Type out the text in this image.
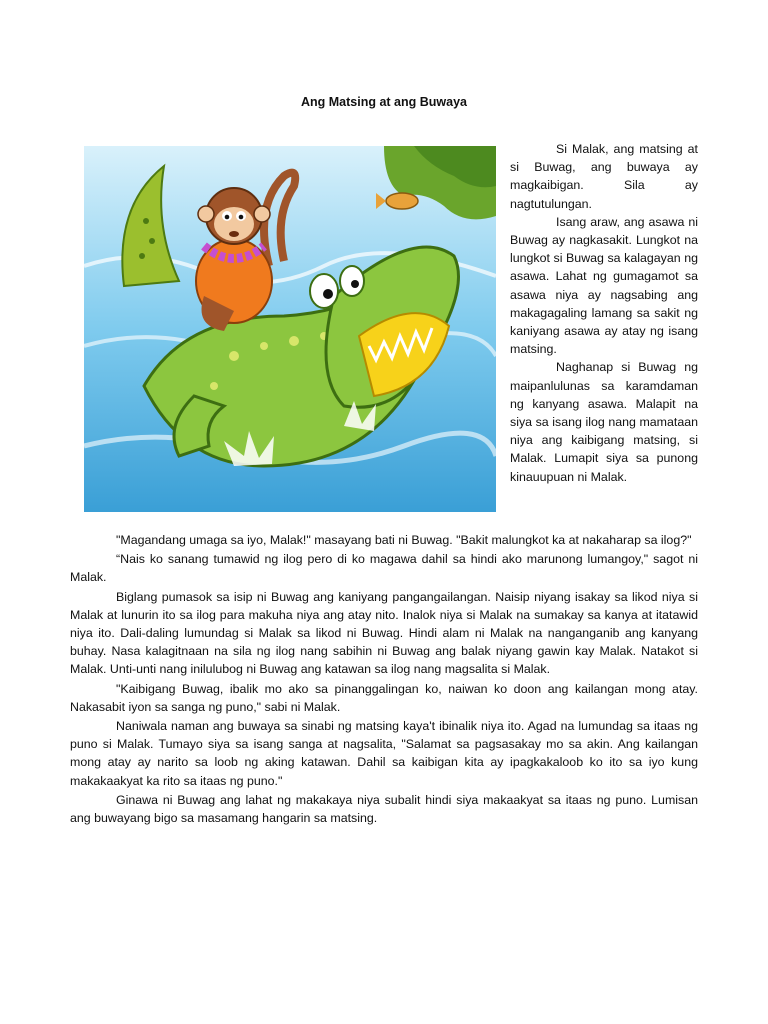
Ang Matsing at ang Buwaya

Si Malak, ang matsing at si Buwag, ang buwaya ay magkaibigan. Sila ay nagtutulungan.

Isang araw, ang asawa ni Buwag ay nagkasakit. Lungkot na lungkot si Buwag sa kalagayan ng asawa. Lahat ng gumagamot sa asawa niya ay nagsabing ang makagagaling lamang sa sakit ng kaniyang asawa ay atay ng isang matsing.

Naghanap si Buwag ng maipanlulunas sa karamdaman ng kanyang asawa. Malapit na siya sa isang ilog nang mamataan niya ang kaibigang matsing, si Malak. Lumapit siya sa punong kinauupuan ni Malak.

"Magandang umaga sa iyo, Malak!" masayang bati ni Buwag. "Bakit malungkot ka at nakaharap sa ilog?"

“Nais ko sanang tumawid ng ilog pero di ko magawa dahil sa hindi ako marunong lumangoy," sagot ni Malak.

Biglang pumasok sa isip ni Buwag ang kaniyang pangangailangan. Naisip niyang isakay sa likod niya si Malak at lunurin ito sa ilog para makuha niya ang atay nito. Inalok niya si Malak na sumakay sa kanya at itatawid niya ito. Dali-daling lumundag si Malak sa likod ni Buwag. Hindi alam ni Malak na nanganganib ang kanyang buhay. Nasa kalagitnaan na sila ng ilog nang sabihin ni Buwag ang balak niyang gawin kay Malak. Natakot si Malak. Unti-unti nang inilulubog ni Buwag ang katawan sa ilog nang magsalita si Malak.

"Kaibigang Buwag, ibalik mo ako sa pinanggalingan ko, naiwan ko doon ang kailangan mong atay. Nakasabit iyon sa sanga ng puno," sabi ni Malak.

Naniwala naman ang buwaya sa sinabi ng matsing kaya't ibinalik niya ito. Agad na lumundag sa itaas ng puno si Malak. Tumayo siya sa isang sanga at nagsalita, "Salamat sa pagsasakay mo sa akin. Ang kailangan mong atay ay narito sa loob ng aking katawan. Dahil sa kaibigan kita ay ipagkakaloob ko ito sa iyo kung makakaakyat ka rito sa itaas ng puno."

Ginawa ni Buwag ang lahat ng makakaya niya subalit hindi siya makaakyat sa itaas ng puno. Lumisan ang buwayang bigo sa masamang hangarin sa matsing.
